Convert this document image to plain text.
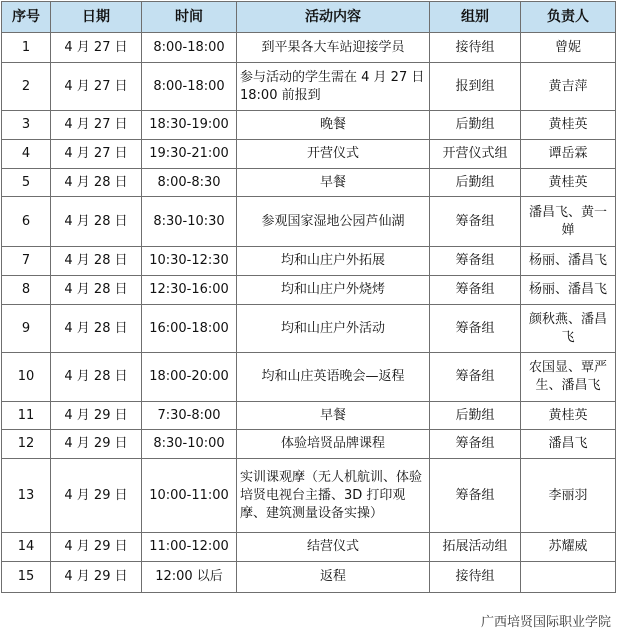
序号	日期	时间	活动内容	组别	负责人
1	4 月 27 日	8:00-18:00	到平果各大车站迎接学员	接待组	曾妮
2	4 月 27 日	8:00-18:00	参与活动的学生需在 4 月 27 日 18:00 前报到	报到组	黄吉萍
3	4 月 27 日	18:30-19:00	晚餐	后勤组	黄桂英
4	4 月 27 日	19:30-21:00	开营仪式	开营仪式组	谭岳霖
5	4 月 28 日	8:00-8:30	早餐	后勤组	黄桂英
6	4 月 28 日	8:30-10:30	参观国家湿地公园芦仙湖	筹备组	潘昌飞、黄一婵
7	4 月 28 日	10:30-12:30	均和山庄户外拓展	筹备组	杨丽、潘昌飞
8	4 月 28 日	12:30-16:00	均和山庄户外烧烤	筹备组	杨丽、潘昌飞
9	4 月 28 日	16:00-18:00	均和山庄户外活动	筹备组	颜秋燕、潘昌飞
10	4 月 28 日	18:00-20:00	均和山庄英语晚会—返程	筹备组	农国显、覃严生、潘昌飞
11	4 月 29 日	7:30-8:00	早餐	后勤组	黄桂英
12	4 月 29 日	8:30-10:00	体验培贤品牌课程	筹备组	潘昌飞
13	4 月 29 日	10:00-11:00	实训课观摩（无人机航训、体验培贤电视台主播、3D 打印观摩、建筑测量设备实操）	筹备组	李丽羽
14	4 月 29 日	11:00-12:00	结营仪式	拓展活动组	苏耀威
15	4 月 29 日	12:00 以后	返程	接待组	
广西培贤国际职业学院
